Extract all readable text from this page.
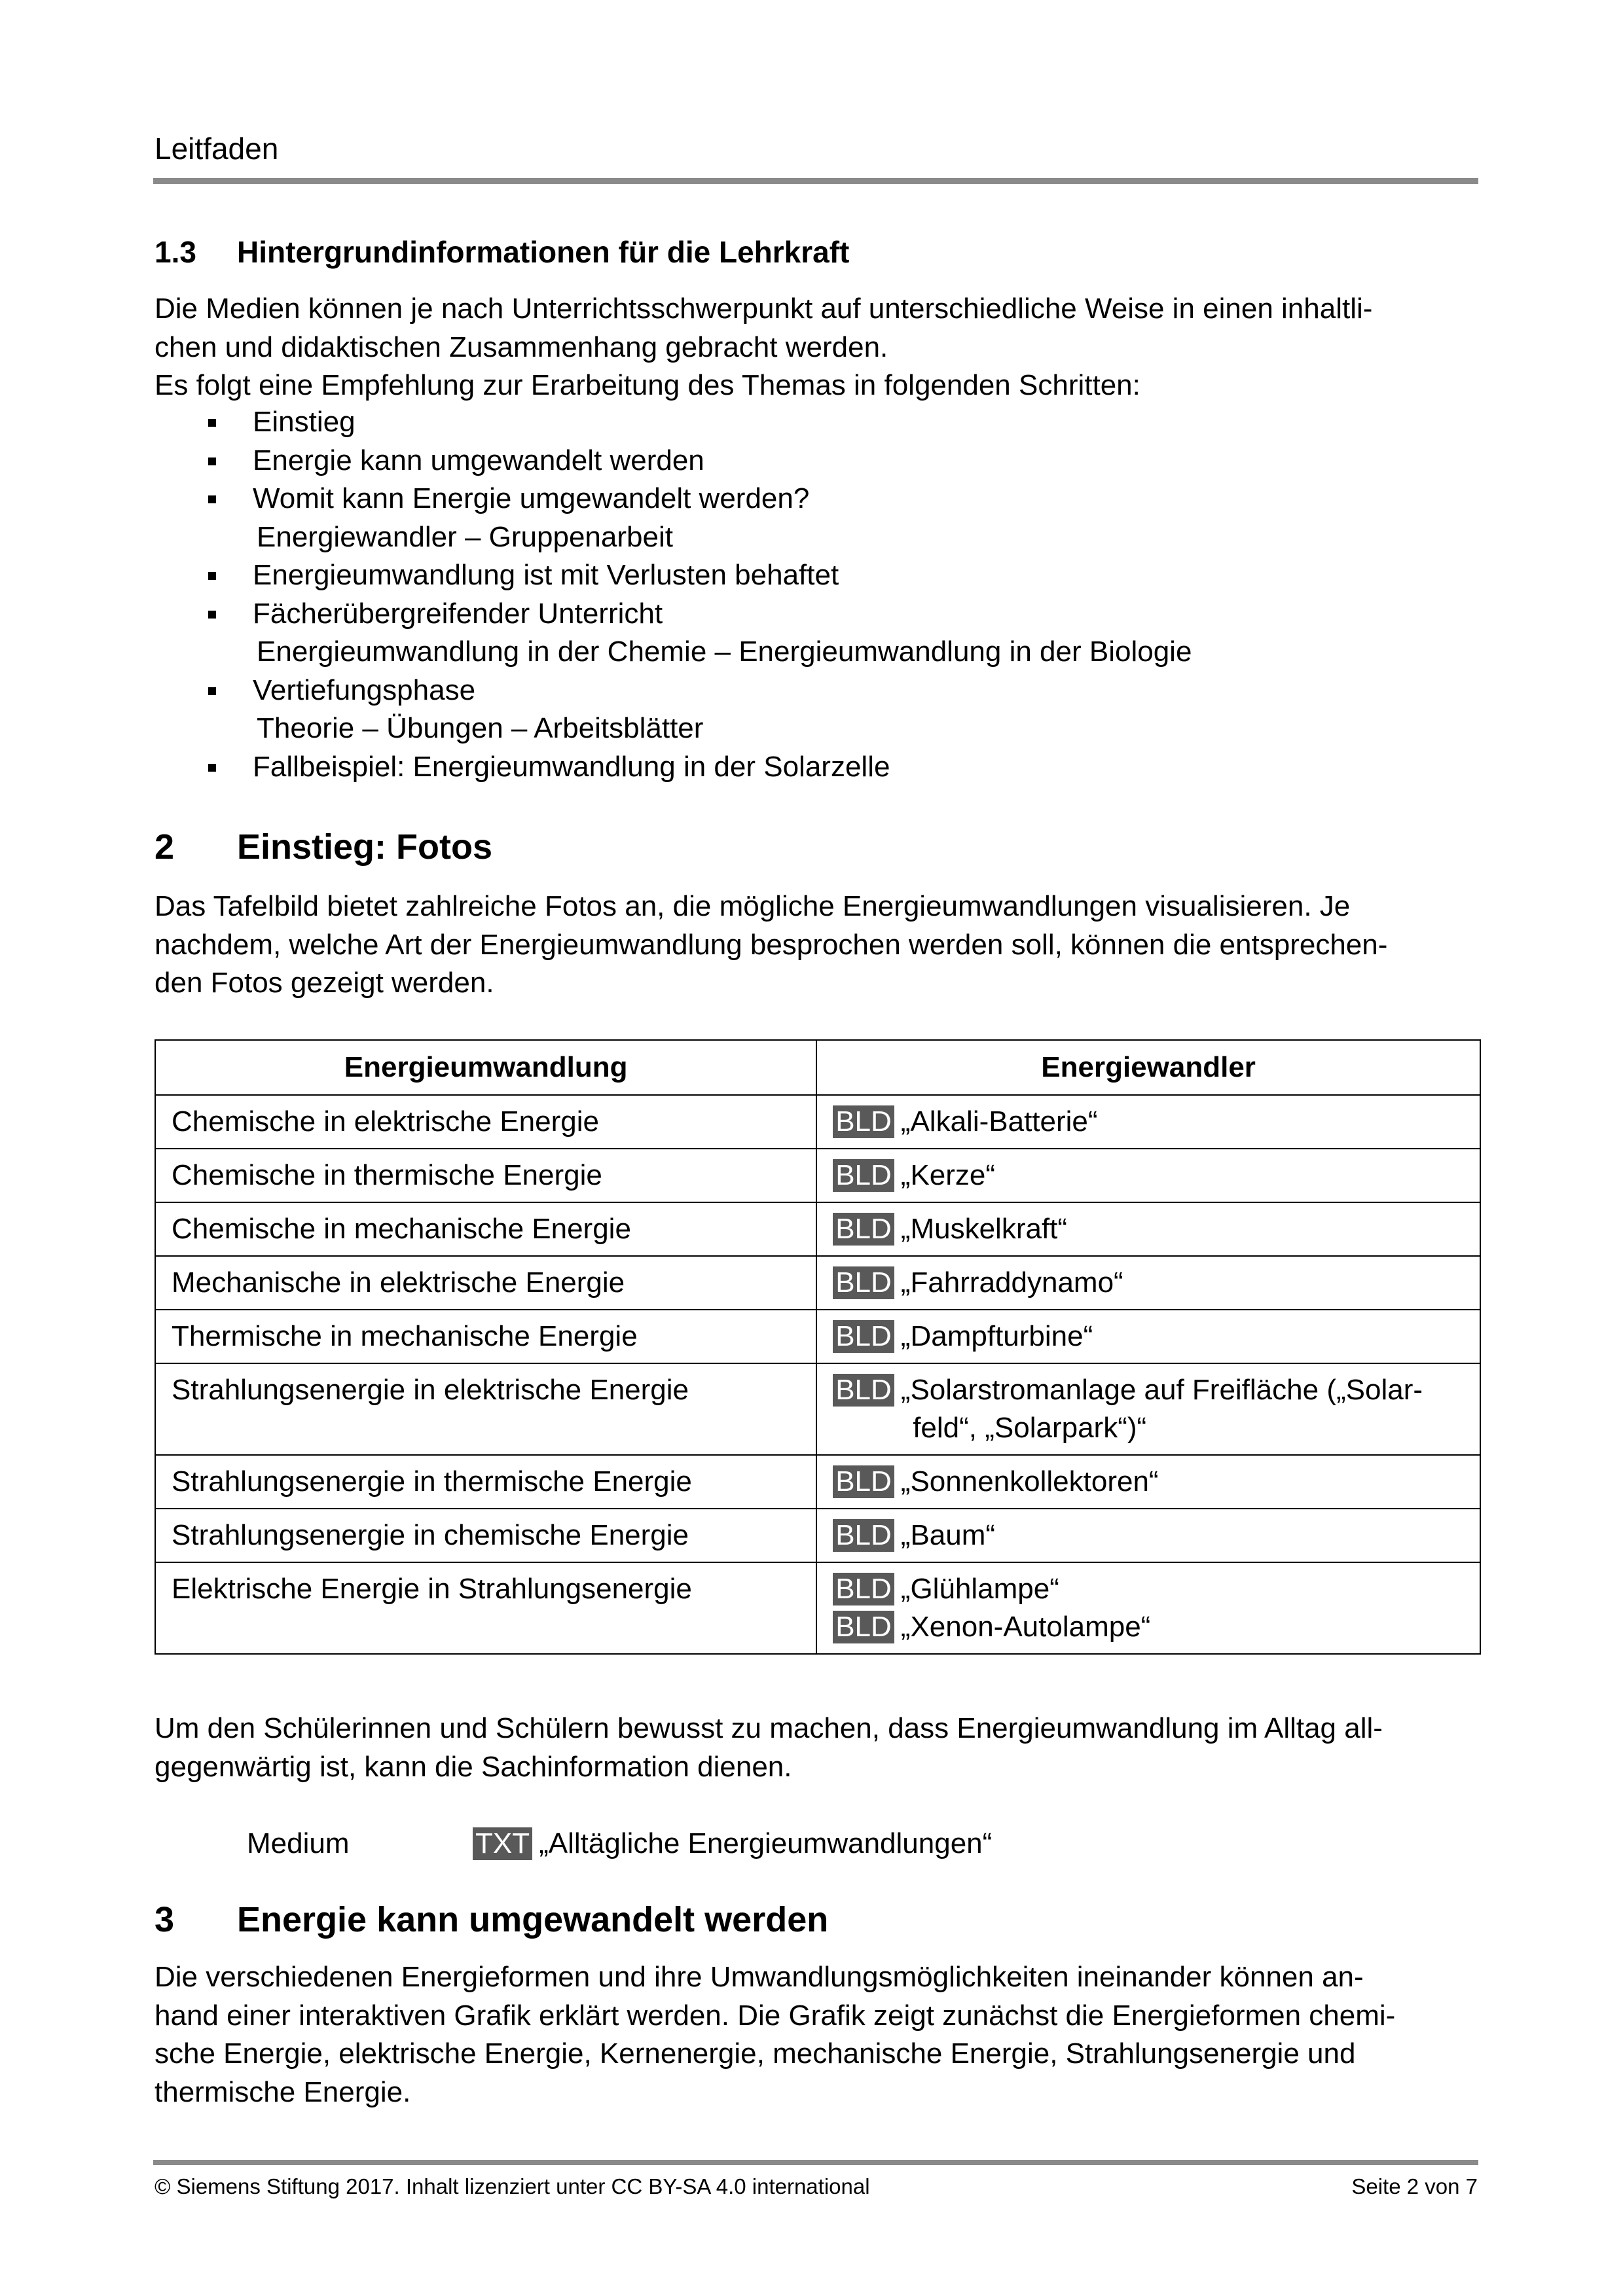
Leitfaden
1.3 Hintergrundinformationen für die Lehrkraft
Die Medien können je nach Unterrichtsschwerpunkt auf unterschiedliche Weise in einen inhaltli-
chen und didaktischen Zusammenhang gebracht werden.
Es folgt eine Empfehlung zur Erarbeitung des Themas in folgenden Schritten:
Einstieg
Energie kann umgewandelt werden
Womit kann Energie umgewandelt werden?
Energiewandler – Gruppenarbeit
Energieumwandlung ist mit Verlusten behaftet
Fächerübergreifender Unterricht
Energieumwandlung in der Chemie – Energieumwandlung in der Biologie
Vertiefungsphase
Theorie – Übungen – Arbeitsblätter
Fallbeispiel: Energieumwandlung in der Solarzelle
2 Einstieg: Fotos
Das Tafelbild bietet zahlreiche Fotos an, die mögliche Energieumwandlungen visualisieren. Je
nachdem, welche Art der Energieumwandlung besprochen werden soll, können die entsprechen-
den Fotos gezeigt werden.
Energieumwandlung	Energiewandler
Chemische in elektrische Energie	BLD „Alkali-Batterie“

Chemische in thermische Energie	BLD „Kerze“

Chemische in mechanische Energie	BLD „Muskelkraft“

Mechanische in elektrische Energie	BLD „Fahrraddynamo“

Thermische in mechanische Energie	BLD „Dampfturbine“

Strahlungsenergie in elektrische Energie	BLD „Solarstromanlage auf Freifläche („Solar-
feld“, „Solarpark“)“

Strahlungsenergie in thermische Energie	BLD „Sonnenkollektoren“

Strahlungsenergie in chemische Energie	BLD „Baum“

Elektrische Energie in Strahlungsenergie	BLD „Glühlampe“
BLD „Xenon-Autolampe“
Um den Schülerinnen und Schülern bewusst zu machen, dass Energieumwandlung im Alltag all-
gegenwärtig ist, kann die Sachinformation dienen.
Medium	TXT „Alltägliche Energieumwandlungen“
3 Energie kann umgewandelt werden
Die verschiedenen Energieformen und ihre Umwandlungsmöglichkeiten ineinander können an-
hand einer interaktiven Grafik erklärt werden. Die Grafik zeigt zunächst die Energieformen chemi-
sche Energie, elektrische Energie, Kernenergie, mechanische Energie, Strahlungsenergie und
thermische Energie.
© Siemens Stiftung 2017. Inhalt lizenziert unter CC BY-SA 4.0 international	Seite 2 von 7
